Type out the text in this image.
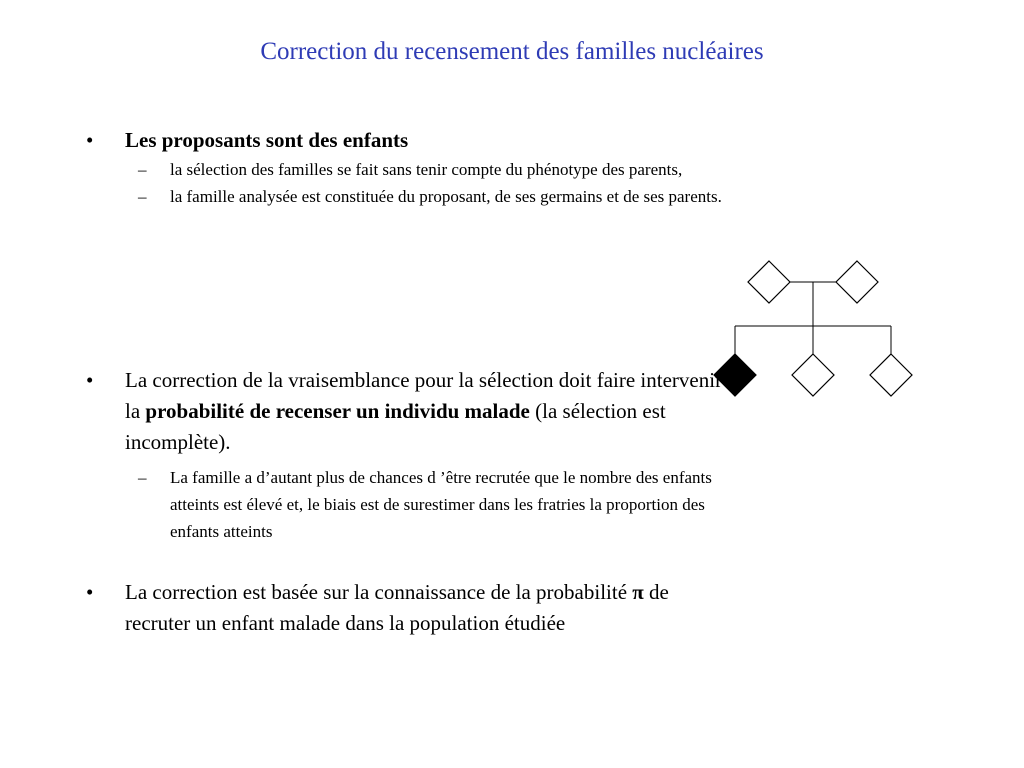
Correction du recensement des familles nucléaires
• Les proposants sont des enfants
– la sélection des familles se fait sans tenir compte du phénotype des parents,
– la famille analysée est constituée du proposant, de ses germains et de ses parents.
• La correction de la vraisemblance pour la sélection doit faire intervenir la probabilité de recenser un individu malade (la sélection est incomplète).
– La famille a d’autant plus de chances d ’être recrutée que le nombre des enfants atteints est élevé et, le biais est de surestimer dans les fratries la proportion des enfants atteints
• La correction est basée sur la connaissance de la probabilité π de recruter un enfant malade dans la population étudiée
